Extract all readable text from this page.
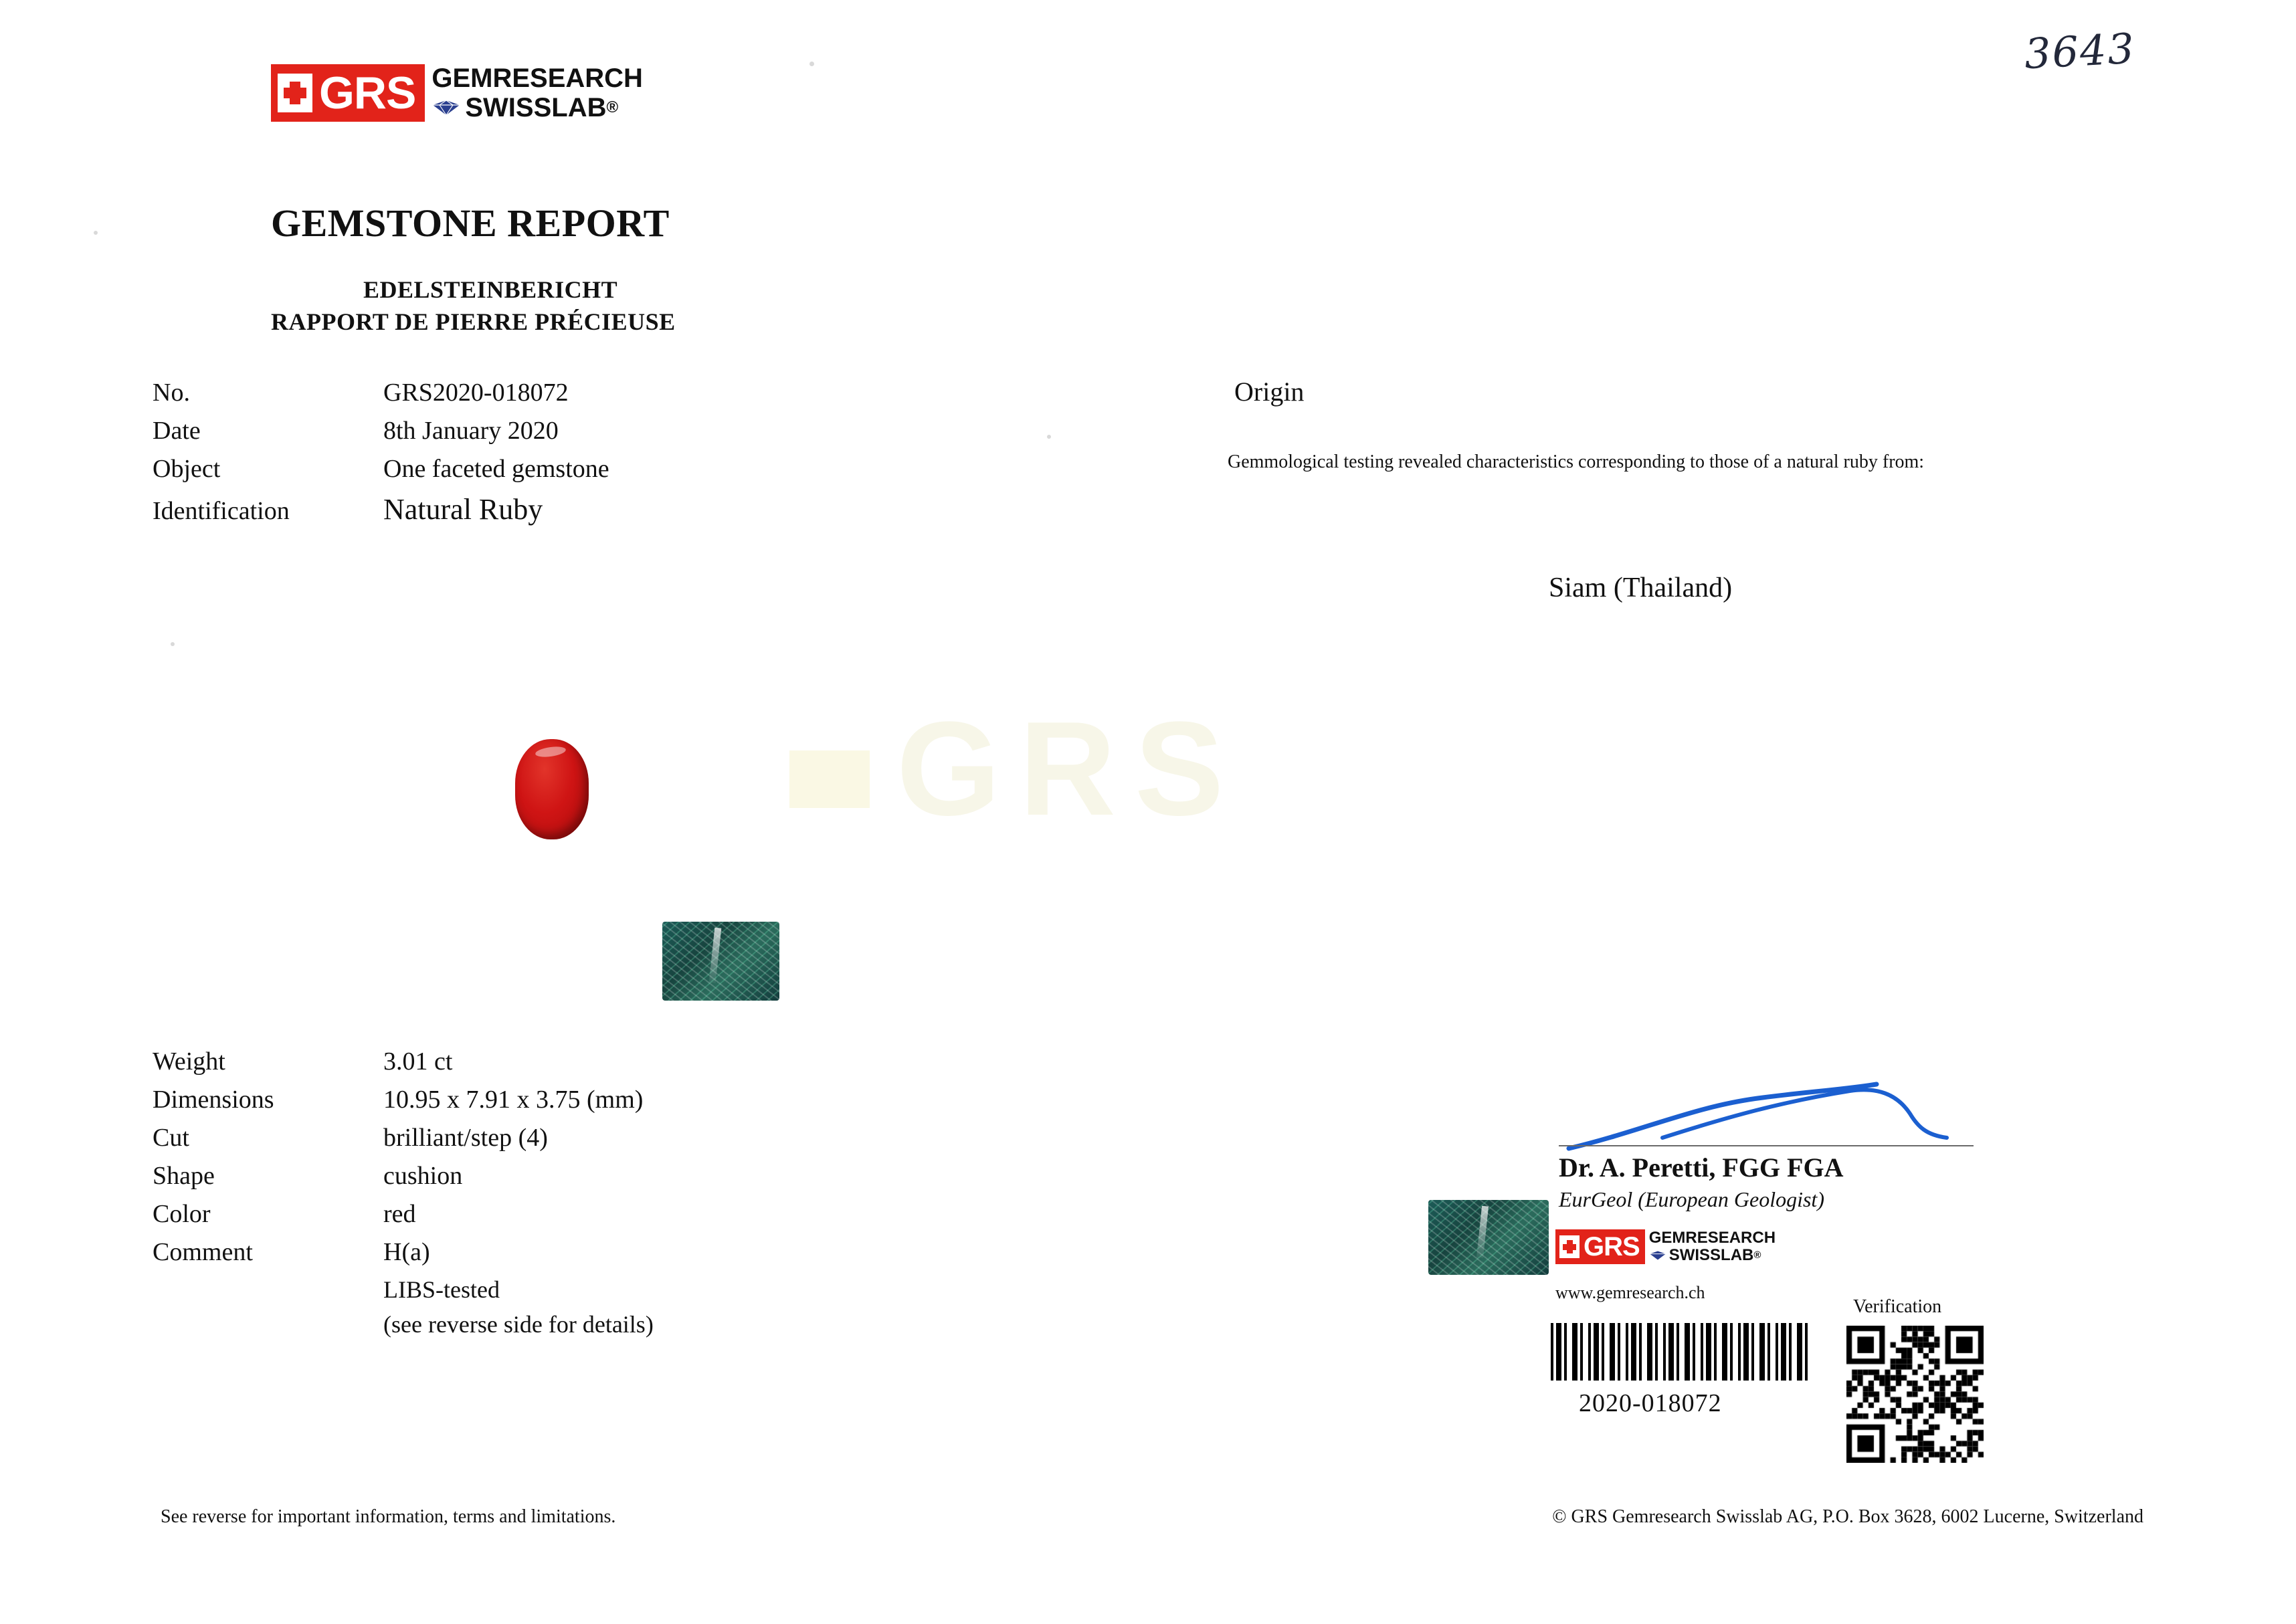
GRS
3643
GRS GEMRESEARCH
SWISSLAB ®
GEMSTONE REPORT
EDELSTEINBERICHT
RAPPORT DE PIERRE PRÉCIEUSE
No.	GRS2020-018072
Date	8th January 2020
Object	One faceted gemstone
Identification	Natural Ruby
Origin
Gemmological testing revealed characteristics corresponding to those of a natural ruby from:
Siam (Thailand)
Weight	3.01 ct
Dimensions	10.95 x 7.91 x 3.75 (mm)
Cut	brilliant/step (4)
Shape	cushion
Color	red
Comment	H(a)
LIBS-tested
(see reverse side for details)
Dr. A. Peretti, FGG FGA
EurGeol (European Geologist)
GRS GEMRESEARCH
SWISSLAB ®
www.gemresearch.ch
2020-018072
Verification
See reverse for important information, terms and limitations.	© GRS Gemresearch Swisslab AG, P.O. Box 3628, 6002 Lucerne, Switzerland
